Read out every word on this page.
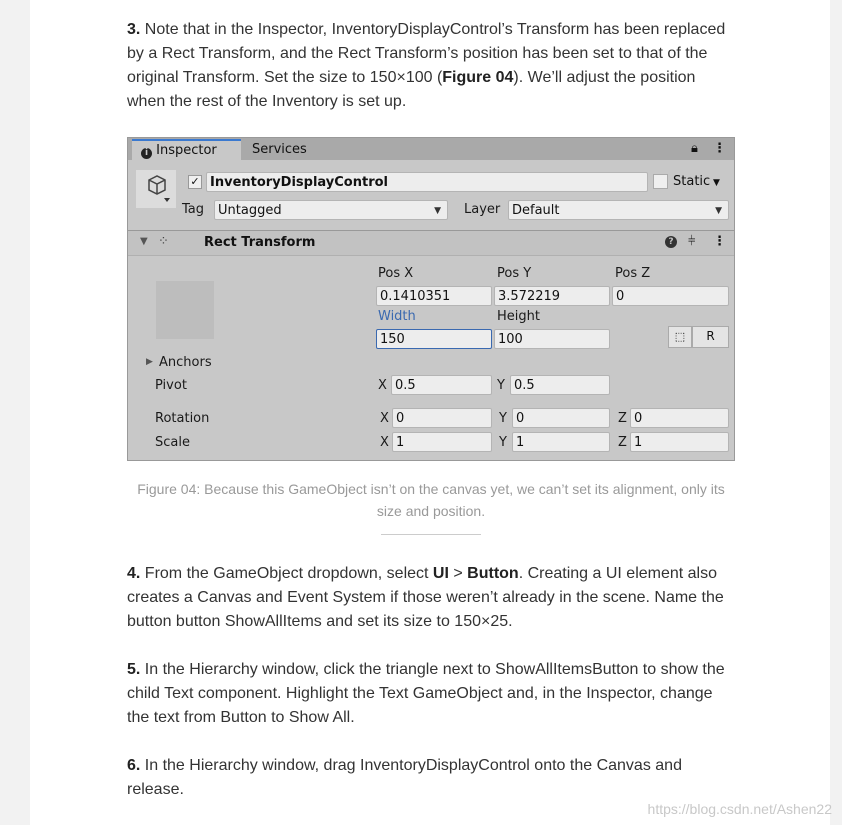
3. Note that in the Inspector, InventoryDisplayControl’s Transform has been replaced by a Rect Transform, and the Rect Transform’s position has been set to that of the original Transform. Set the size to 150×100 (Figure 04). We’ll adjust the position when the rest of the Inventory is set up.
i Inspector	Services	🔒︎ ⋮
✓ InventoryDisplayControl	Static ▼
Tag	Untagged ▼	Layer Default ▼
▼ ⁘	Rect Transform	? ⫩ ⋮
Pos X	Pos Y	Pos Z
0.1410351	3.572219	0
Width	Height
150	100	⬚	R
▶ Anchors
Pivot	X 0.5	Y 0.5
Rotation	X 0	Y 0	Z 0
Scale	X 1	Y 1	Z 1
Figure 04: Because this GameObject isn’t on the canvas yet, we can’t set its alignment, only its size and position.
4. From the GameObject dropdown, select UI > Button. Creating a UI element also creates a Canvas and Event System if those weren’t already in the scene. Name the button button ShowAllItems and set its size to 150×25.
5. In the Hierarchy window, click the triangle next to ShowAllItemsButton to show the child Text component. Highlight the Text GameObject and, in the Inspector, change the text from Button to Show All.
6. In the Hierarchy window, drag InventoryDisplayControl onto the Canvas and release.
https://blog.csdn.net/Ashen22
